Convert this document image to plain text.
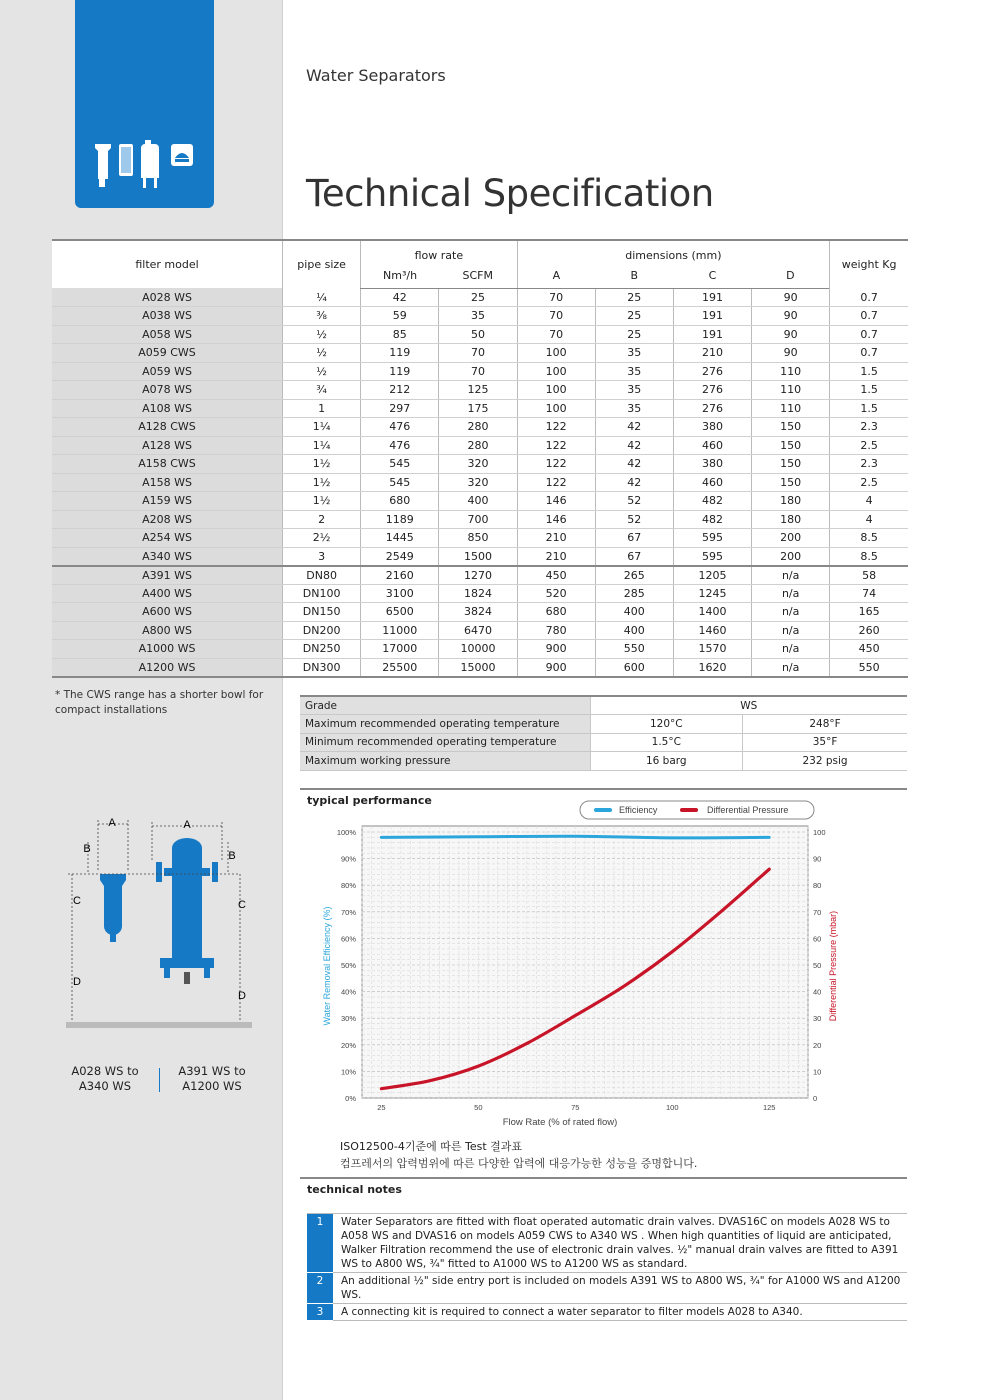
Water Separators
Technical Specification
filter model	pipe size	flow rate		dimensions (mm)				weight Kg
		Nm³/h	SCFM	A	B	C	D	
A028 WS	¼	42	25	70	25	191	90	0.7
A038 WS	⅜	59	35	70	25	191	90	0.7
A058 WS	½	85	50	70	25	191	90	0.7
A059 CWS	½	119	70	100	35	210	90	0.7
A059 WS	½	119	70	100	35	276	110	1.5
A078 WS	¾	212	125	100	35	276	110	1.5
A108 WS	1	297	175	100	35	276	110	1.5
A128 CWS	1¼	476	280	122	42	380	150	2.3
A128 WS	1¼	476	280	122	42	460	150	2.5
A158 CWS	1½	545	320	122	42	380	150	2.3
A158 WS	1½	545	320	122	42	460	150	2.5
A159 WS	1½	680	400	146	52	482	180	4
A208 WS	2	1189	700	146	52	482	180	4
A254 WS	2½	1445	850	210	67	595	200	8.5
A340 WS	3	2549	1500	210	67	595	200	8.5
A391 WS	DN80	2160	1270	450	265	1205	n/a	58
A400 WS	DN100	3100	1824	520	285	1245	n/a	74
A600 WS	DN150	6500	3824	680	400	1400	n/a	165
A800 WS	DN200	11000	6470	780	400	1460	n/a	260
A1000 WS	DN250	17000	10000	900	550	1570	n/a	450
A1200 WS	DN300	25500	15000	900	600	1620	n/a	550
* The CWS range has a shorter bowl for compact installations	Grade	WS	
Maximum recommended operating temperature	120°C	248°F
Minimum recommended operating temperature	1.5°C	35°F
Maximum working pressure	16 barg	232 psig
A	A
B
B
C	C
D
D
A028 WS to A340 WS
A391 WS to A1200 WS
typical performance
0%
10%
20%
30%
40%
50%
60%
70%
80%
90%
100%
0
10
20
30
40
50
60
70
80
90
100
25	50	75	100	125
Water Removal Efficiency (%)	Differential Pressure (mbar)
Flow Rate (% of rated flow)
Efficiency	Differential Pressure
ISO12500-4기준에 따른 Test 결과표
컴프레서의 압력범위에 따른 다양한 압력에 대응가능한 성능을 증명합니다.
technical notes
1	Water Separators are fitted with float operated automatic drain valves. DVAS16C on models A028 WS to A058 WS and DVAS16 on models A059 CWS to A340 WS . When high quantities of liquid are anticipated, Walker Filtration recommend the use of electronic drain valves. ½" manual drain valves are fitted to A391 WS to A800 WS, ¾" fitted to A1000 WS to A1200 WS as standard.
2	An additional ½" side entry port is included on models A391 WS to A800 WS, ¾" for A1000 WS and A1200 WS.
3	A connecting kit is required to connect a water separator to filter models A028 to A340.
